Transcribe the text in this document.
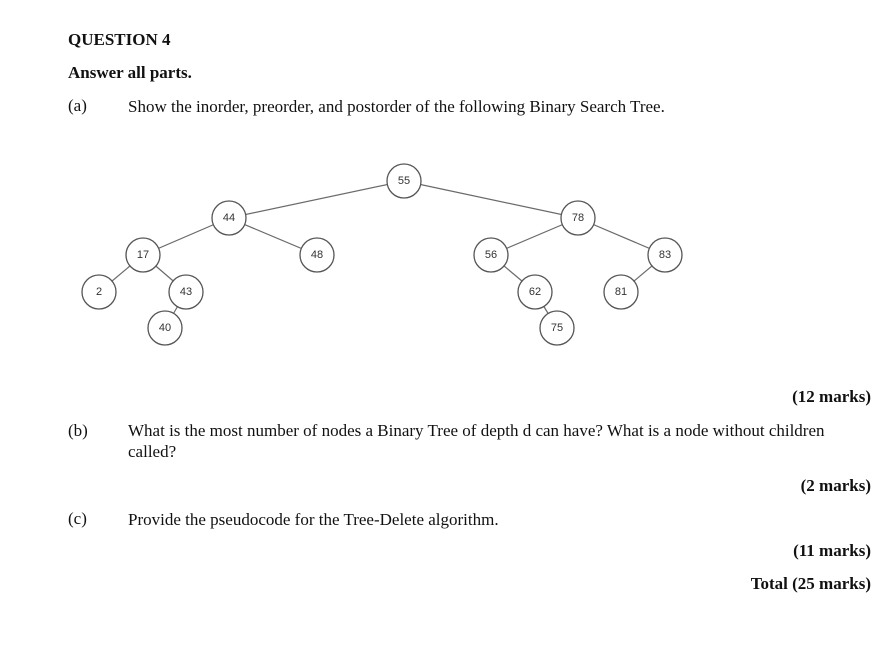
QUESTION 4
Answer all parts.
(a) Show the inorder, preorder, and postorder of the following Binary Search Tree.
55
44	78
17	48	56	83
2	43	62	81
40	75
(12 marks)
(b) What is the most number of nodes a Binary Tree of depth d can have? What is a node without children called?
(2 marks)
(c) Provide the pseudocode for the Tree-Delete algorithm.
(11 marks)
Total (25 marks)
